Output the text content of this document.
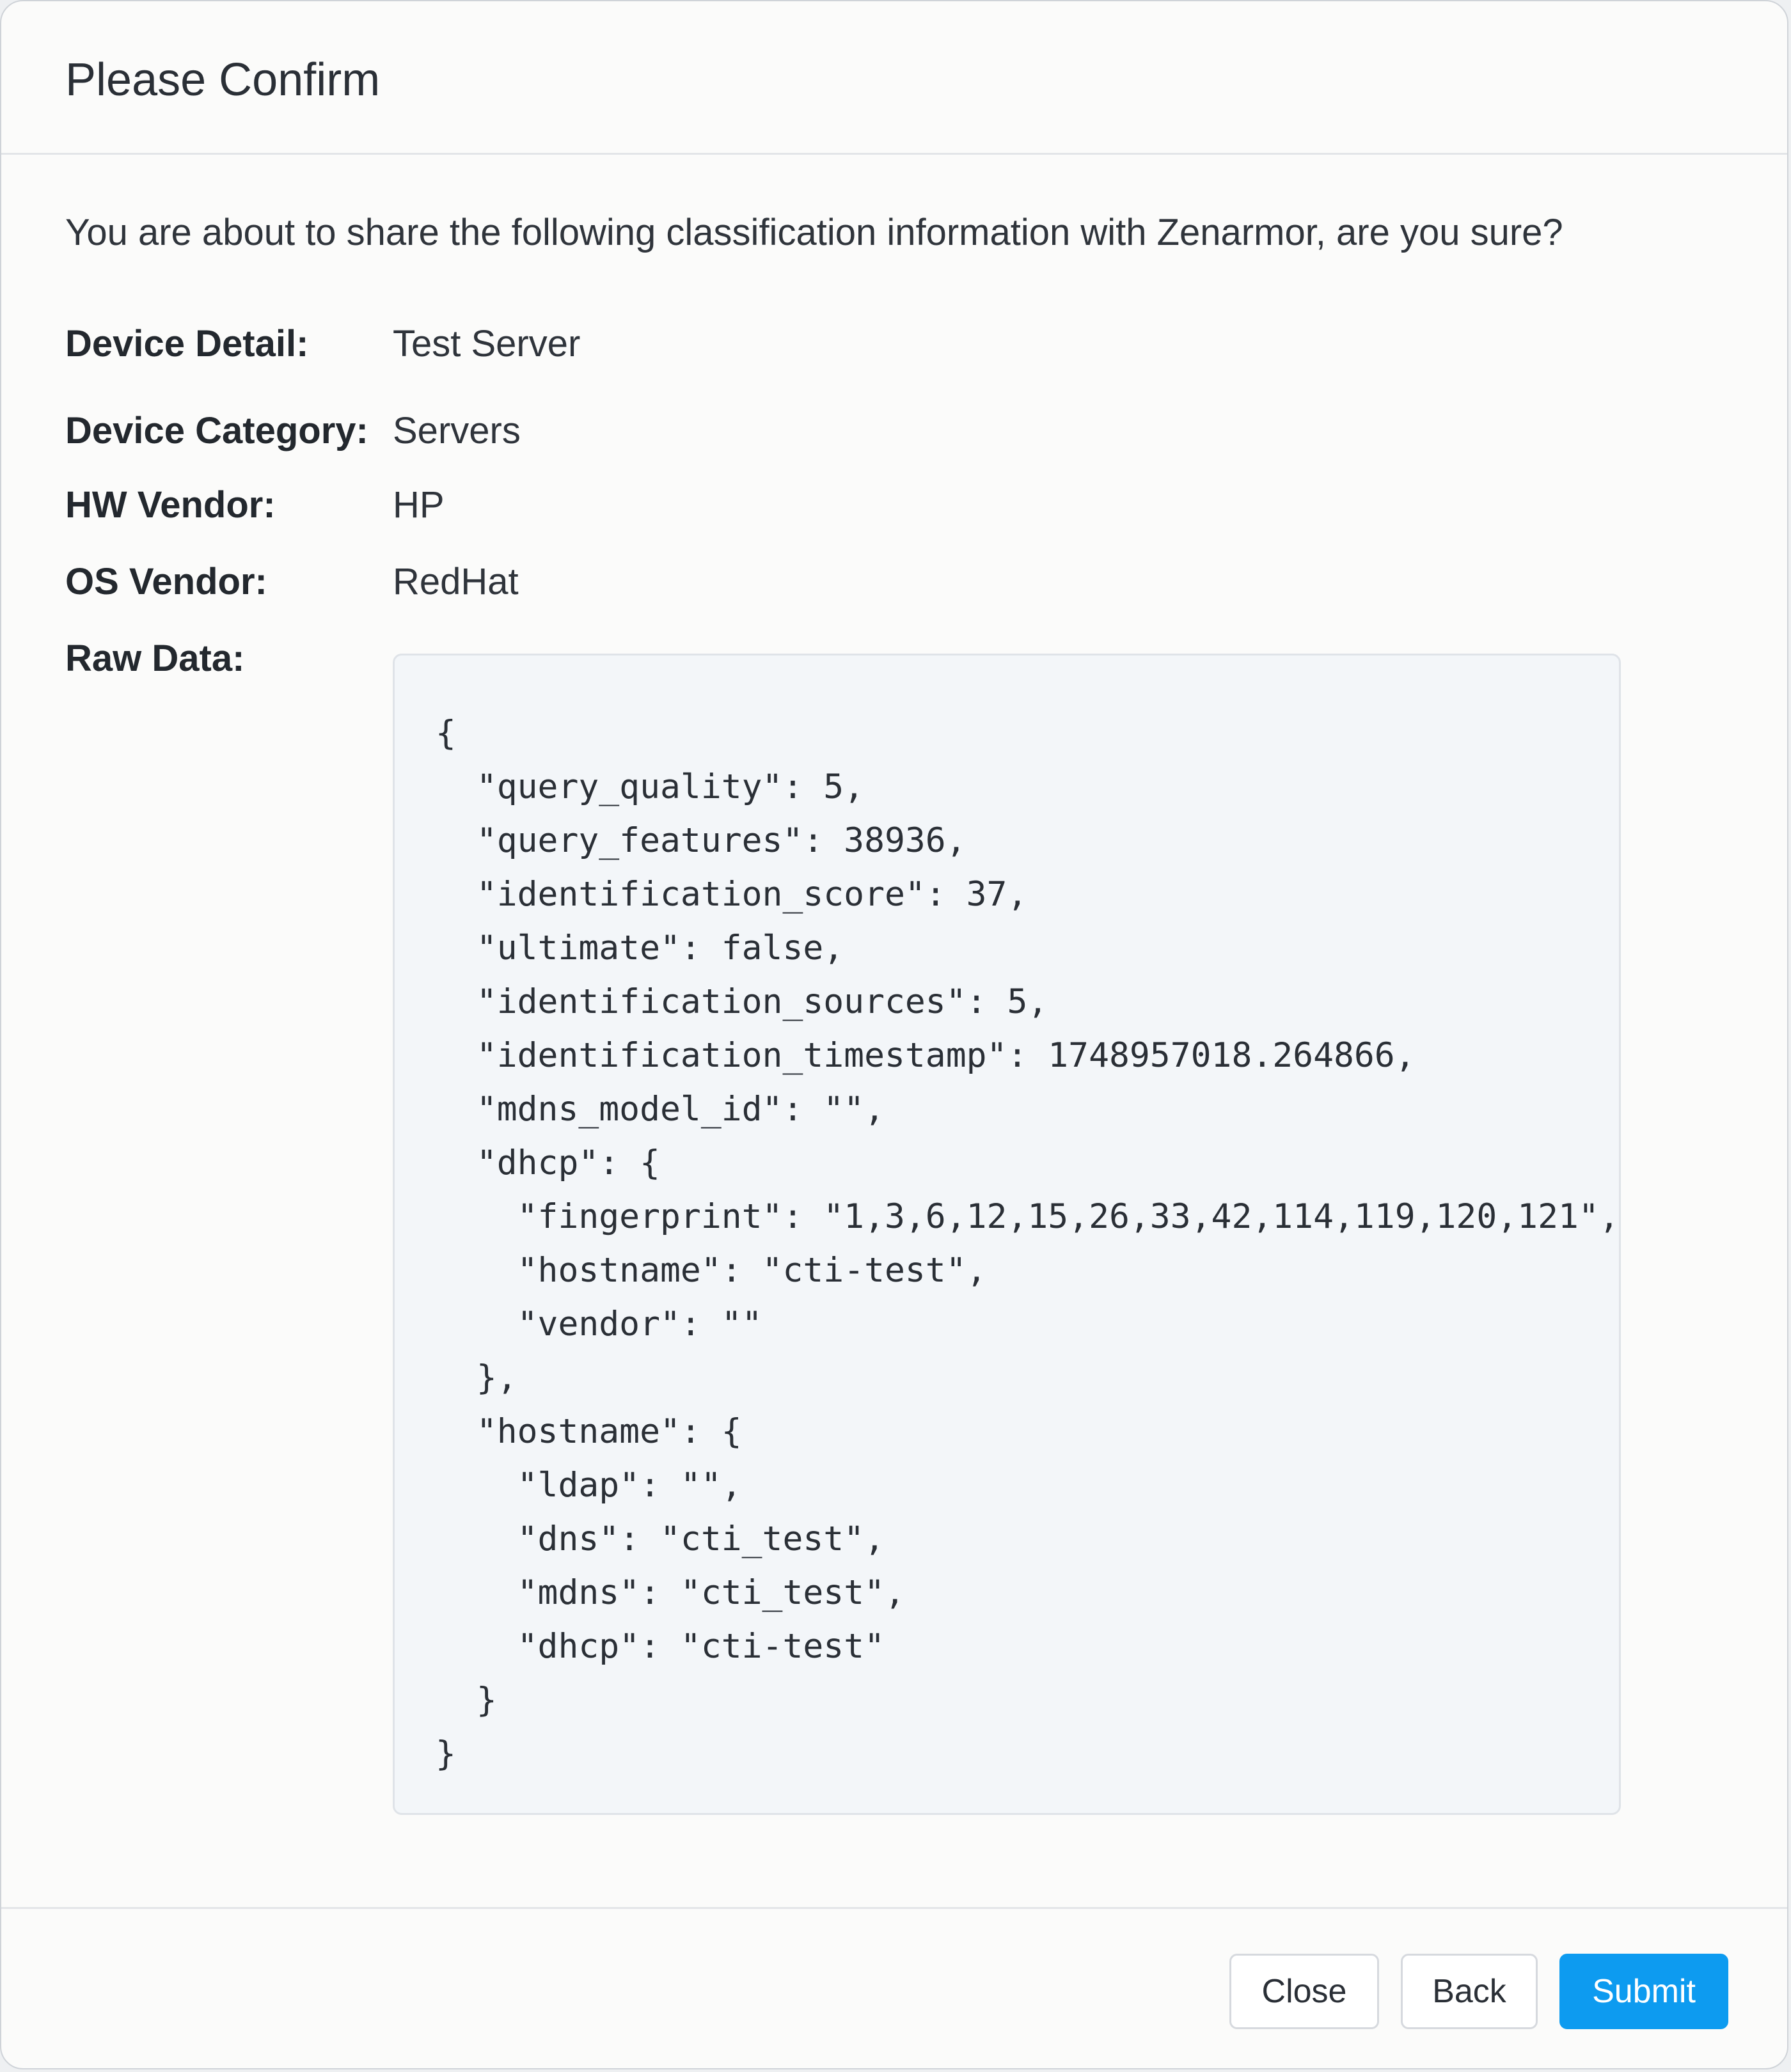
Please Confirm

You are about to share the following classification information with Zenarmor, are you sure?

Device Detail: Test Server
Device Category: Servers
HW Vendor:	HP
OS Vendor:	RedHat
Raw Data:
{
"query_quality": 5,
"query_features": 38936,
"identification_score": 37,
"ultimate": false,
"identification_sources": 5,
"identification_timestamp": 1748957018.264866,
"mdns_model_id": "",
"dhcp": {
"fingerprint": "1,3,6,12,15,26,33,42,114,119,120,121",
"hostname": "cti-test",
"vendor": ""
},
"hostname": {
"ldap": "",
"dns": "cti_test",
"mdns": "cti_test",
"dhcp": "cti-test"
}
}
Close	Back	Submit
